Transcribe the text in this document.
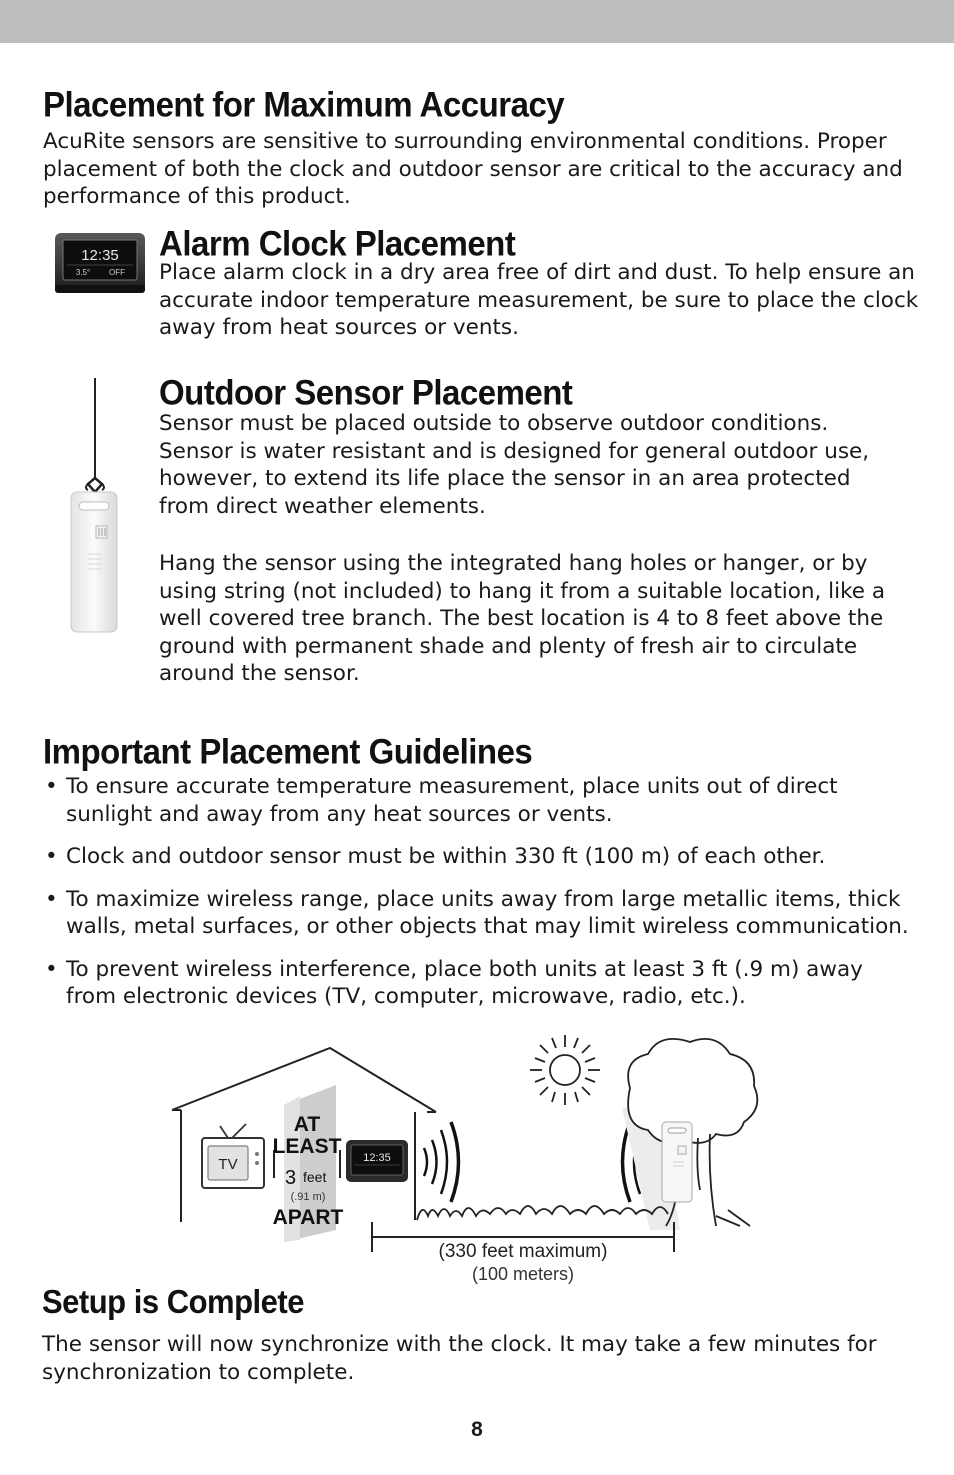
Placement for Maximum Accuracy

AcuRite sensors are sensitive to surrounding environmental conditions. Proper placement of both the clock and outdoor sensor are critical to the accuracy and performance of this product.

12:35
3.5° OFF
Alarm Clock Placement

Place alarm clock in a dry area free of dirt and dust. To help ensure an accurate indoor temperature measurement, be sure to place the clock away from heat sources or vents.

Outdoor Sensor Placement

Sensor must be placed outside to observe outdoor conditions. Sensor is water resistant and is designed for general outdoor use, however, to extend its life place the sensor in an area protected from direct weather elements.

Hang the sensor using the integrated hang holes or hanger, or by using string (not included) to hang it from a suitable location, like a well covered tree branch. The best location is 4 to 8 feet above the ground with permanent shade and plenty of fresh air to circulate around the sensor.

Important Placement Guidelines
• To ensure accurate temperature measurement, place units out of direct sunlight and away from any heat sources or vents.
• Clock and outdoor sensor must be within 330 ft (100 m) of each other.
• To maximize wireless range, place units away from large metallic items, thick walls, metal surfaces, or other objects that may limit wireless communication.
• To prevent wireless interference, place both units at least 3 ft (.9 m) away from electronic devices (TV, computer, microwave, radio, etc.).
TV
AT
LEAST
3 feet
(.91 m)
APART
12:35
(330 feet maximum)
(100 meters)
Setup is Complete

The sensor will now synchronize with the clock. It may take a few minutes for synchronization to complete.

8
